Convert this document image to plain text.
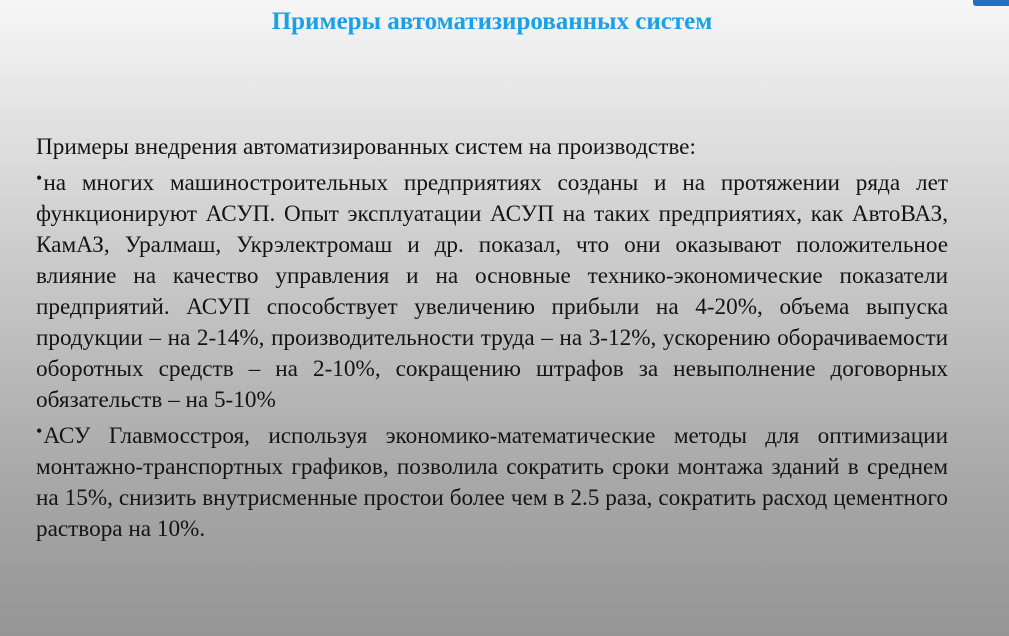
Примеры автоматизированных систем

Примеры внедрения автоматизированных систем на производстве:

•на многих машиностроительных предприятиях созданы и на протяжении ряда лет функционируют АСУП. Опыт эксплуатации АСУП на таких предприятиях, как АвтоВАЗ, КамАЗ, Уралмаш, Укрэлектромаш и др. показал, что они оказывают положительное влияние на качество управления и на основные технико-экономические показатели предприятий. АСУП способствует увеличению прибыли на 4-20%, объема выпуска продукции – на 2-14%, производительности труда – на 3-12%, ускорению оборачиваемости оборотных средств – на 2-10%, сокращению штрафов за невыполнение договорных обязательств – на 5-10%

•АСУ Главмосстроя, используя экономико-математические методы для оптимизации монтажно-транспортных графиков, позволила сократить сроки монтажа зданий в среднем на 15%, снизить внутрисменные простои более чем в 2.5 раза, сократить расход цементного раствора на 10%.
